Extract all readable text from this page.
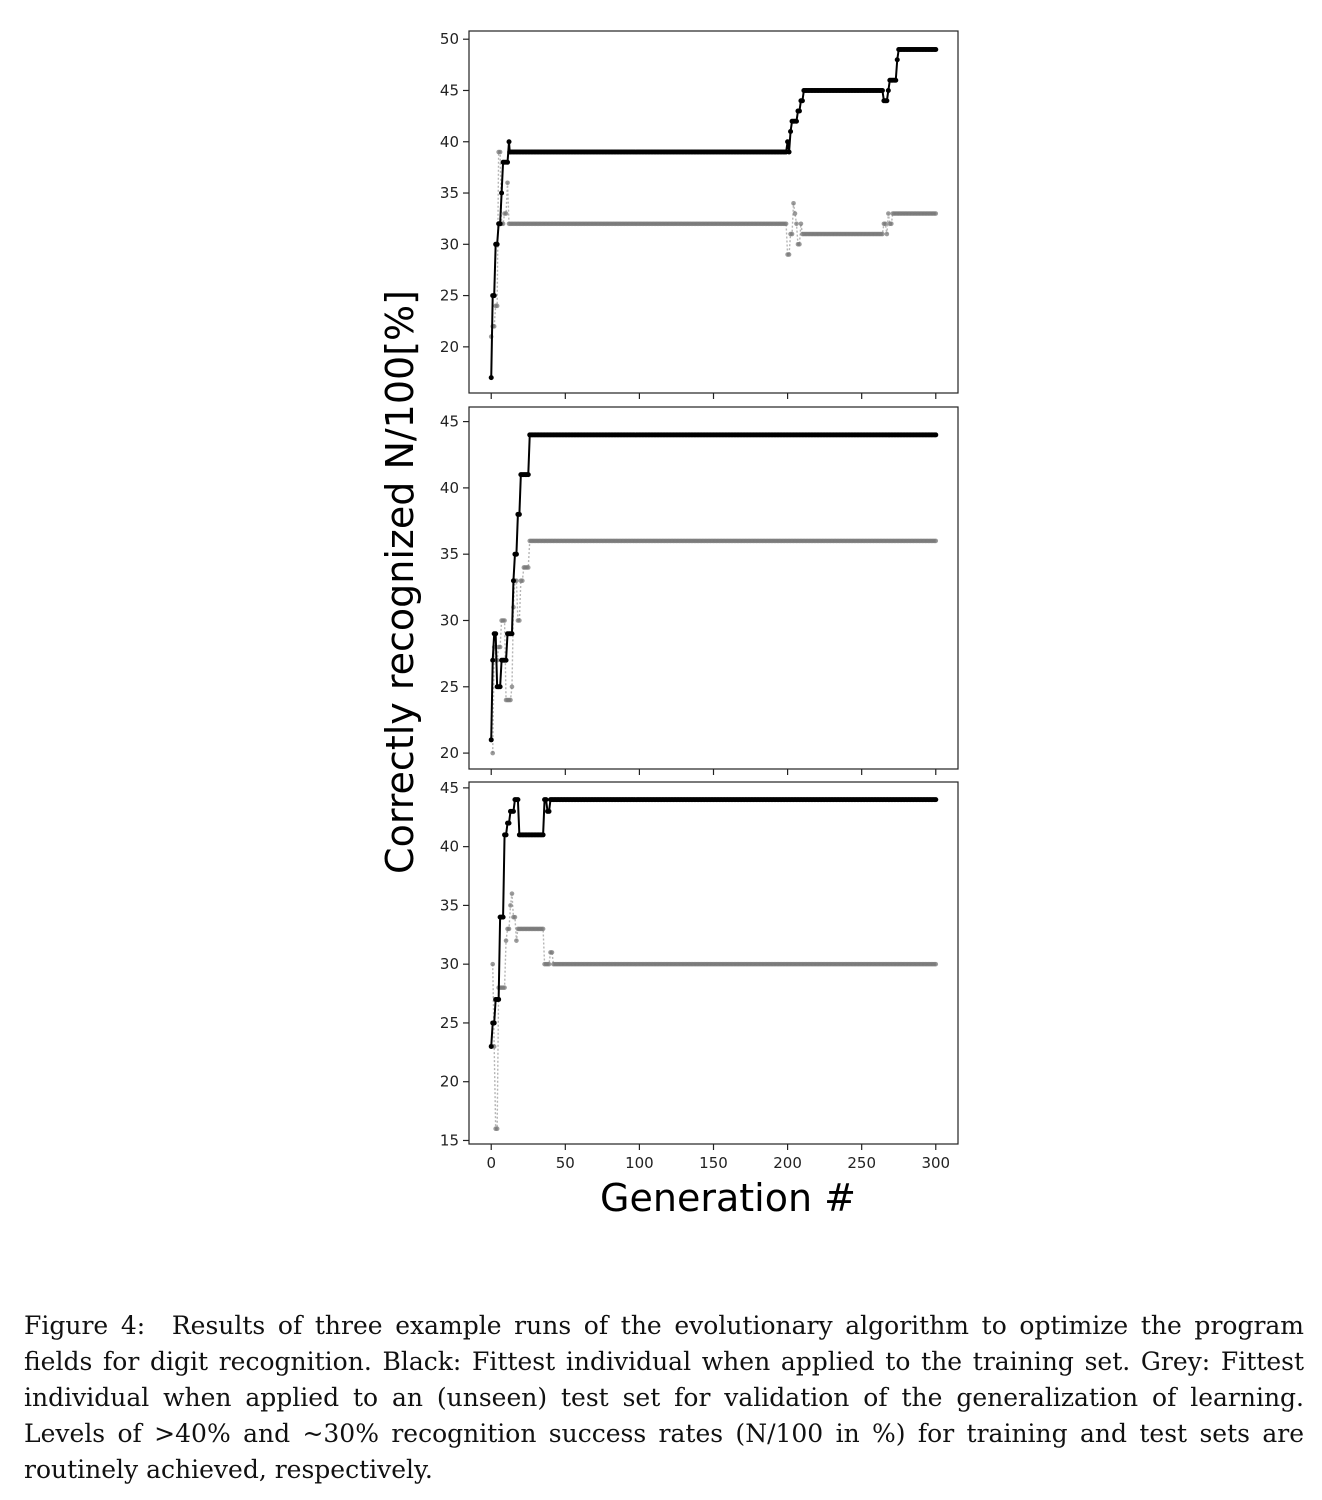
20
25
30
35
40
45
50
20
25
30
35
40
45
15
20
25
30
35
40
45
0	50	100	150	200	250	300
Correctly recognized N/100[%]
Generation #
Figure 4: Results of three example runs of the evolutionary algorithm to optimize the program fields for digit recognition. Black: Fittest individual when applied to the training set. Grey: Fittest individual when applied to an (unseen) test set for validation of the generalization of learning. Levels of >40% and ~30% recognition success rates (N/100 in %) for training and test sets are routinely achieved, respectively.
